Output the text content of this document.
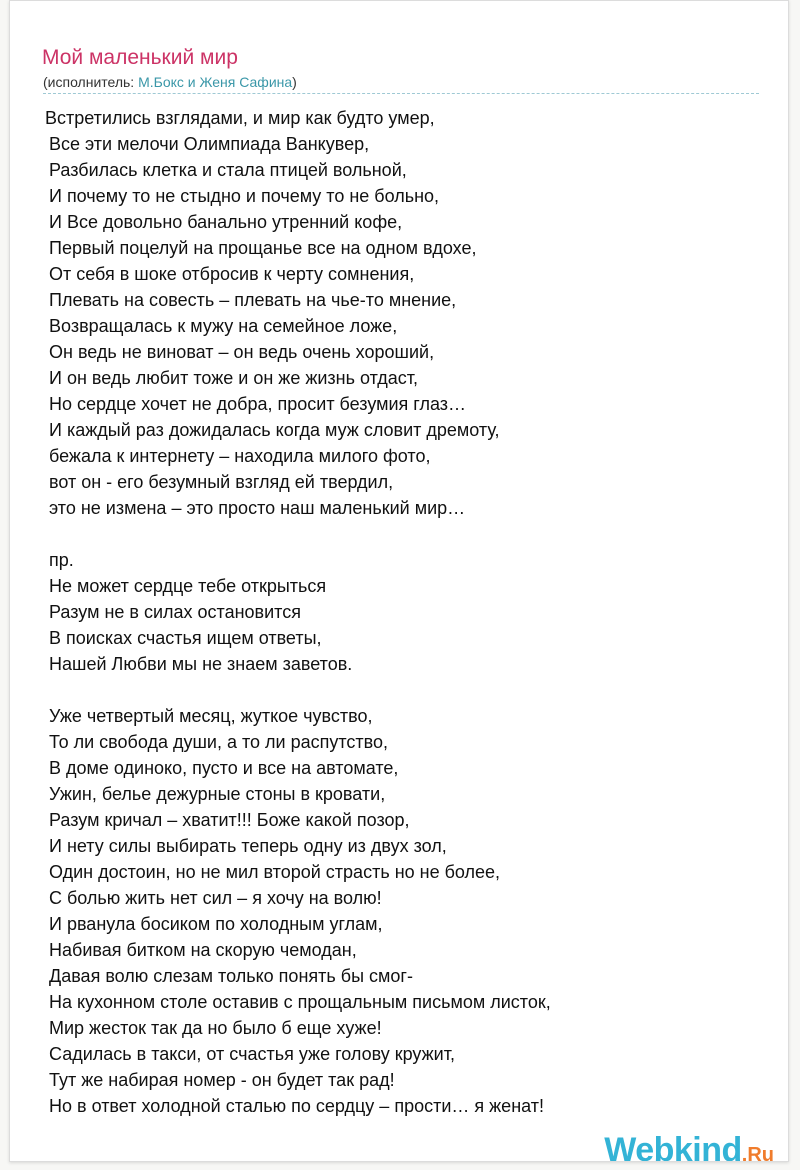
Мой маленький мир
(исполнитель: М.Бокс и Женя Сафина)
Встретились взглядами, и мир как будто умер,
Все эти мелочи Олимпиада Ванкувер,
Разбилась клетка и стала птицей вольной,
И почему то не стыдно и почему то не больно,
И Все довольно банально утренний кофе,
Первый поцелуй на прощанье все на одном вдохе,
От себя в шоке отбросив к черту сомнения,
Плевать на совесть – плевать на чье-то мнение,
Возвращалась к мужу на семейное ложе,
Он ведь не виноват – он ведь очень хороший,
И он ведь любит тоже и он же жизнь отдаст,
Но сердце хочет не добра, просит безумия глаз…
И каждый раз дожидалась когда муж словит дремоту,
бежала к интернету – находила милого фото,
вот он - его безумный взгляд ей твердил,
это не измена – это просто наш маленький мир…
пр.
Не может сердце тебе открыться
Разум не в силах остановится
В поисках счастья ищем ответы,
Нашей Любви мы не знаем заветов.
Уже четвертый месяц, жуткое чувство,
То ли свобода души, а то ли распутство,
В доме одиноко, пусто и все на автомате,
Ужин, белье дежурные стоны в кровати,
Разум кричал – хватит!!! Боже какой позор,
И нету силы выбирать теперь одну из двух зол,
Один достоин, но не мил второй страсть но не более,
С болью жить нет сил – я хочу на волю!
И рванула босиком по холодным углам,
Набивая битком на скорую чемодан,
Давая волю слезам только понять бы смог-
На кухонном столе оставив с прощальным письмом листок,
Мир жесток так да но было б еще хуже!
Садилась в такси, от счастья уже голову кружит,
Тут же набирая номер - он будет так рад!
Но в ответ холодной сталью по сердцу – прости… я женат!
Webkind.Ru
